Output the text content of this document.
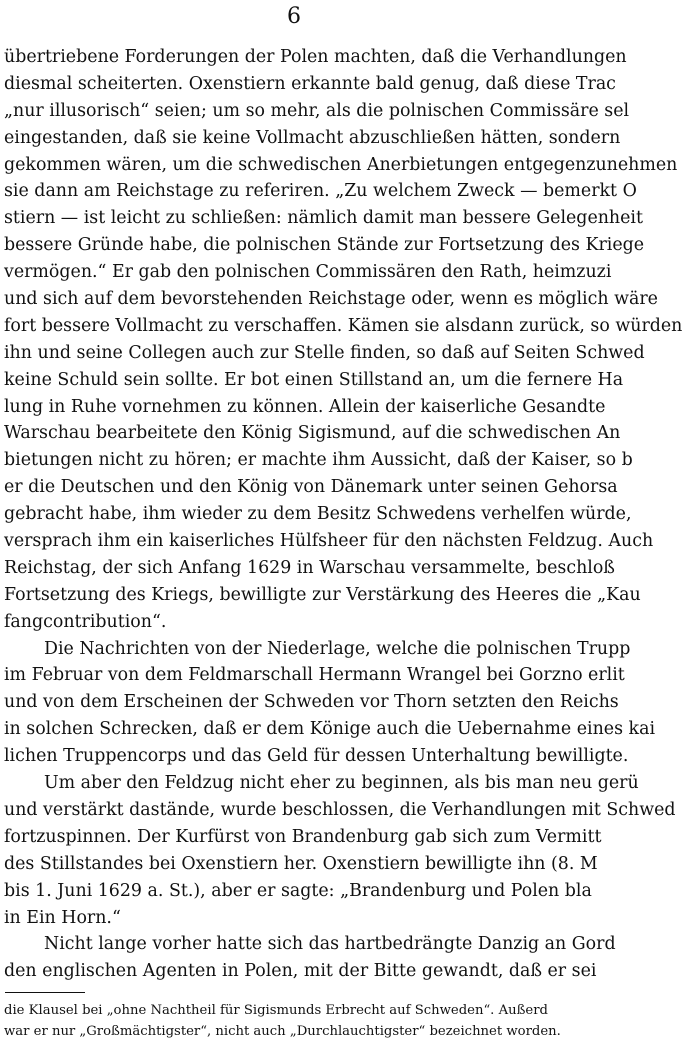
6
übertriebene Forderungen der Polen machten, daß die Verhandlungen
diesmal scheiterten. Oxenstiern erkannte bald genug, daß diese Trac
„nur illusorisch“ seien; um so mehr, als die polnischen Commissäre sel
eingestanden, daß sie keine Vollmacht abzuschließen hätten, sondern
gekommen wären, um die schwedischen Anerbietungen entgegenzunehmen
sie dann am Reichstage zu referiren. „Zu welchem Zweck — bemerkt O
stiern — ist leicht zu schließen: nämlich damit man bessere Gelegenheit
bessere Gründe habe, die polnischen Stände zur Fortsetzung des Kriege
vermögen.“ Er gab den polnischen Commissären den Rath, heimzuzi
und sich auf dem bevorstehenden Reichstage oder, wenn es möglich wäre
fort bessere Vollmacht zu verschaffen. Kämen sie alsdann zurück, so würden
ihn und seine Collegen auch zur Stelle finden, so daß auf Seiten Schwed
keine Schuld sein sollte. Er bot einen Stillstand an, um die fernere Ha
lung in Ruhe vornehmen zu können. Allein der kaiserliche Gesandte
Warschau bearbeitete den König Sigismund, auf die schwedischen An
bietungen nicht zu hören; er machte ihm Aussicht, daß der Kaiser, so b
er die Deutschen und den König von Dänemark unter seinen Gehorsa
gebracht habe, ihm wieder zu dem Besitz Schwedens verhelfen würde,
versprach ihm ein kaiserliches Hülfsheer für den nächsten Feldzug. Auch
Reichstag, der sich Anfang 1629 in Warschau versammelte, beschloß
Fortsetzung des Kriegs, bewilligte zur Verstärkung des Heeres die „Kau
fangcontribution“.
Die Nachrichten von der Niederlage, welche die polnischen Trupp
im Februar von dem Feldmarschall Hermann Wrangel bei Gorzno erlit
und von dem Erscheinen der Schweden vor Thorn setzten den Reichs
in solchen Schrecken, daß er dem Könige auch die Uebernahme eines kai
lichen Truppencorps und das Geld für dessen Unterhaltung bewilligte.
Um aber den Feldzug nicht eher zu beginnen, als bis man neu gerü
und verstärkt dastände, wurde beschlossen, die Verhandlungen mit Schwed
fortzuspinnen. Der Kurfürst von Brandenburg gab sich zum Vermitt
des Stillstandes bei Oxenstiern her. Oxenstiern bewilligte ihn (8. M
bis 1. Juni 1629 a. St.), aber er sagte: „Brandenburg und Polen bla
in Ein Horn.“
Nicht lange vorher hatte sich das hartbedrängte Danzig an Gord
den englischen Agenten in Polen, mit der Bitte gewandt, daß er sei
die Klausel bei „ohne Nachtheil für Sigismunds Erbrecht auf Schweden“. Außerd
war er nur „Großmächtigster“, nicht auch „Durchlauchtigster“ bezeichnet worden.
